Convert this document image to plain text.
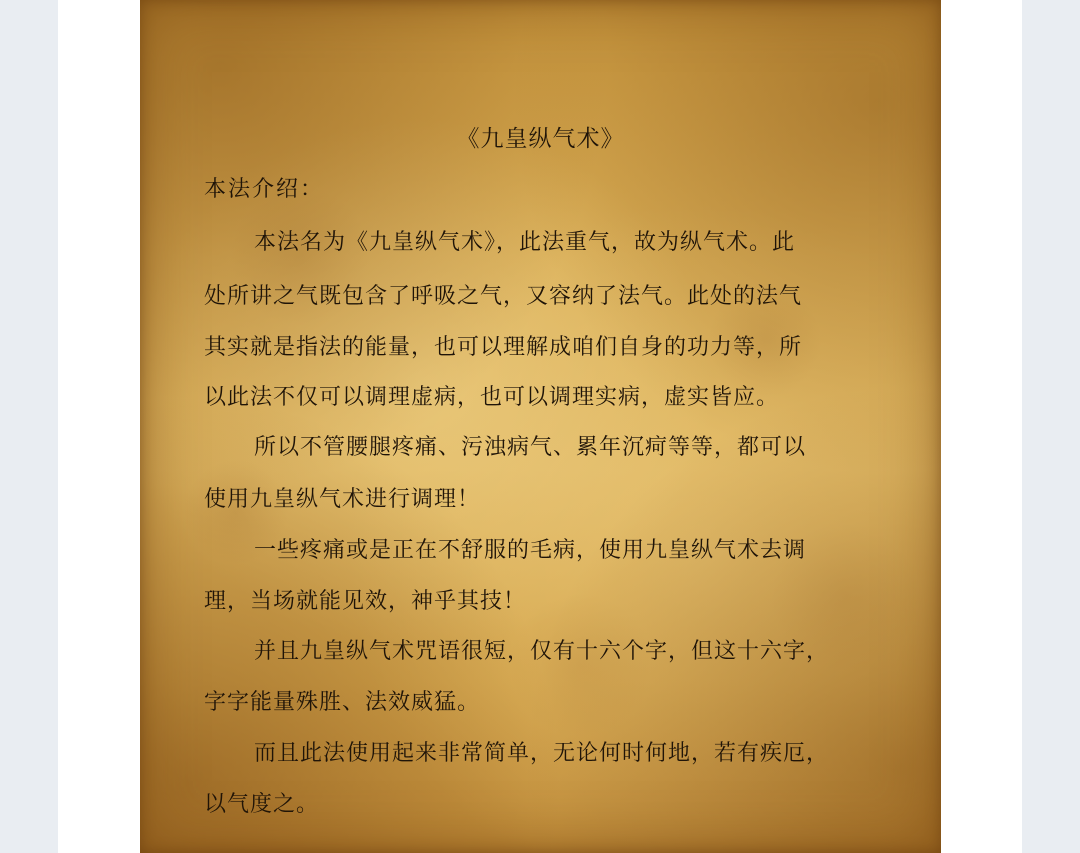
《九皇纵气术》
本法介绍：
本法名为《九皇纵气术》，此法重气，故为纵气术。此
处所讲之气既包含了呼吸之气，又容纳了法气。此处的法气
其实就是指法的能量，也可以理解成咱们自身的功力等，所
以此法不仅可以调理虚病，也可以调理实病，虚实皆应。
所以不管腰腿疼痛、污浊病气、累年沉疴等等，都可以
使用九皇纵气术进行调理！
一些疼痛或是正在不舒服的毛病，使用九皇纵气术去调
理，当场就能见效，神乎其技！
并且九皇纵气术咒语很短，仅有十六个字，但这十六字，
字字能量殊胜、法效威猛。
而且此法使用起来非常简单，无论何时何地，若有疾厄，
以气度之。
